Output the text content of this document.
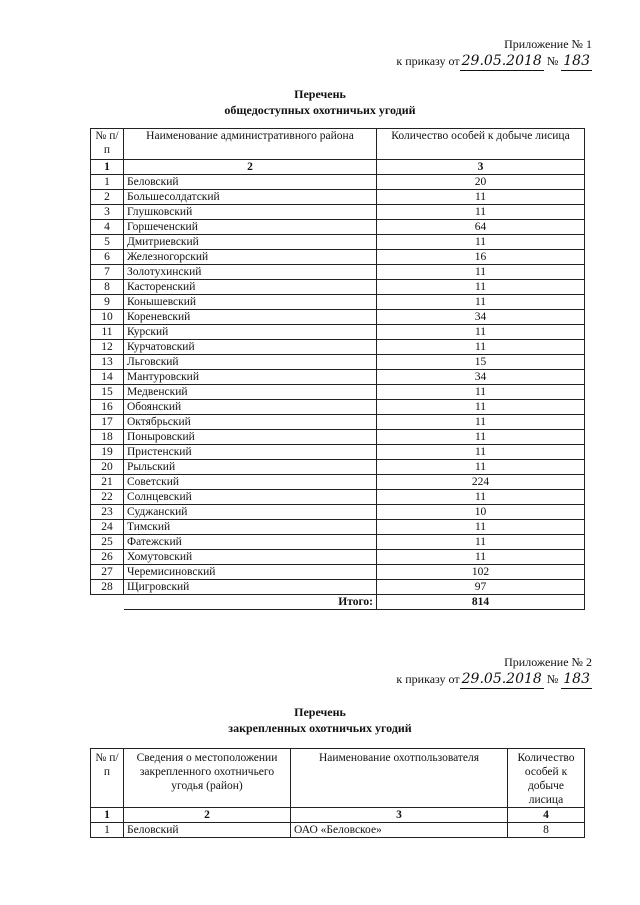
Приложение № 1
к приказу от 29.05.2018 № 183
Перечень
общедоступных охотничьих угодий
№ п/п	Наименование административного района	Количество особей к добыче лисица
1	2	3
1	Беловский	20
2	Большесолдатский	11
3	Глушковский	11
4	Горшеченский	64
5	Дмитриевский	11
6	Железногорский	16
7	Золотухинский	11
8	Касторенский	11
9	Конышевский	11
10	Кореневский	34
11	Курский	11
12	Курчатовский	11
13	Льговский	15
14	Мантуровский	34
15	Медвенский	11
16	Обоянский	11
17	Октябрьский	11
18	Поныровский	11
19	Пристенский	11
20	Рыльский	11
21	Советский	224
22	Солнцевский	11
23	Суджанский	10
24	Тимский	11
25	Фатежский	11
26	Хомутовский	11
27	Черемисиновский	102
28	Щигровский	97
	Итого:	814
Приложение № 2
к приказу от 29.05.2018 № 183
Перечень
закрепленных охотничьих угодий
№ п/п	Сведения о местоположении закрепленного охотничьего угодья (район)	Наименование охотпользователя	Количество особей к добыче лисица
1	2	3	4
1	Беловский	ОАО «Беловское»	8
